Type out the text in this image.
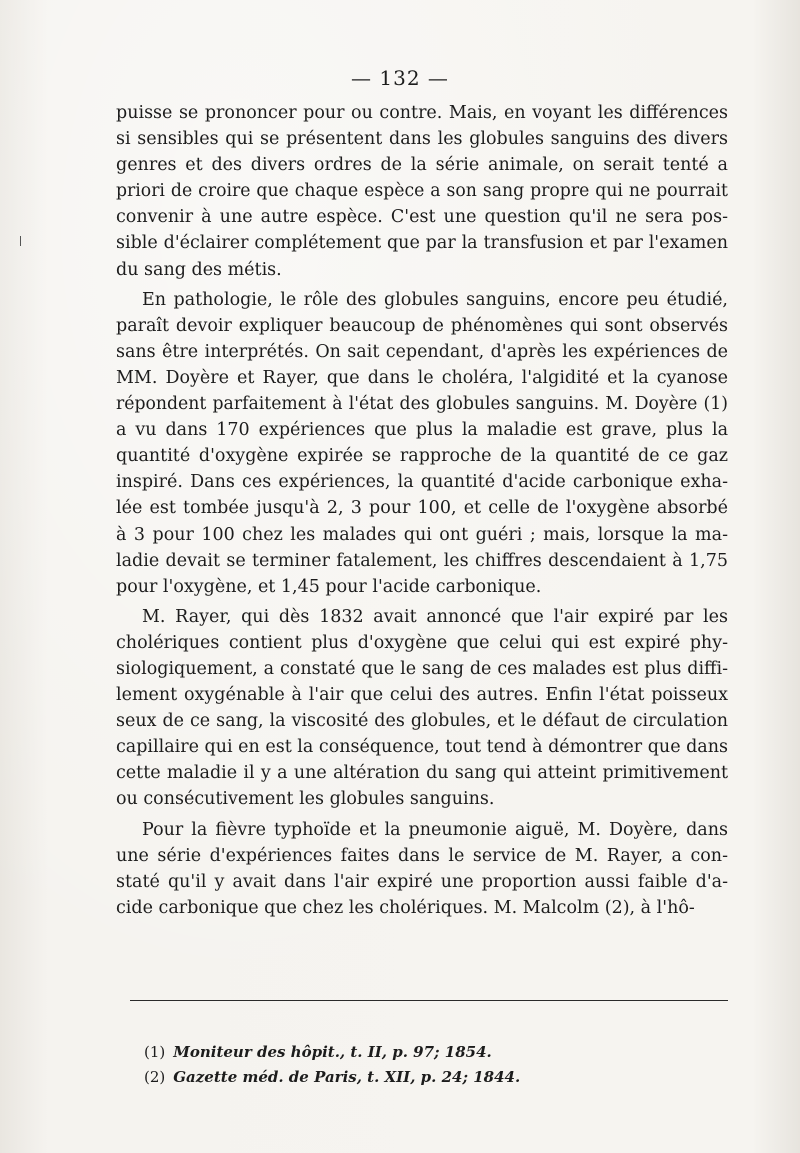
— 132 —
puisse se prononcer pour ou contre. Mais, en voyant les différences
si sensibles qui se présentent dans les globules sanguins des divers
genres et des divers ordres de la série animale, on serait tenté a
priori de croire que chaque espèce a son sang propre qui ne pourrait
convenir à une autre espèce. C'est une question qu'il ne sera pos-
sible d'éclairer complétement que par la transfusion et par l'examen
du sang des métis.
En pathologie, le rôle des globules sanguins, encore peu étudié,
paraît devoir expliquer beaucoup de phénomènes qui sont observés
sans être interprétés. On sait cependant, d'après les expériences de
MM. Doyère et Rayer, que dans le choléra, l'algidité et la cyanose
répondent parfaitement à l'état des globules sanguins. M. Doyère (1)
a vu dans 170 expériences que plus la maladie est grave, plus la
quantité d'oxygène expirée se rapproche de la quantité de ce gaz
inspiré. Dans ces expériences, la quantité d'acide carbonique exha-
lée est tombée jusqu'à 2, 3 pour 100, et celle de l'oxygène absorbé
à 3 pour 100 chez les malades qui ont guéri ; mais, lorsque la ma-
ladie devait se terminer fatalement, les chiffres descendaient à 1,75
pour l'oxygène, et 1,45 pour l'acide carbonique.
M. Rayer, qui dès 1832 avait annoncé que l'air expiré par les
cholériques contient plus d'oxygène que celui qui est expiré phy-
siologiquement, a constaté que le sang de ces malades est plus diffi-
lement oxygénable à l'air que celui des autres. Enfin l'état poisseux
seux de ce sang, la viscosité des globules, et le défaut de circulation
capillaire qui en est la conséquence, tout tend à démontrer que dans
cette maladie il y a une altération du sang qui atteint primitivement
ou consécutivement les globules sanguins.
Pour la fièvre typhoïde et la pneumonie aiguë, M. Doyère, dans
une série d'expériences faites dans le service de M. Rayer, a con-
staté qu'il y avait dans l'air expiré une proportion aussi faible d'a-
cide carbonique que chez les cholériques. M. Malcolm (2), à l'hô-
(1) Moniteur des hôpit., t. II, p. 97; 1854.
(2) Gazette méd. de Paris, t. XII, p. 24; 1844.
